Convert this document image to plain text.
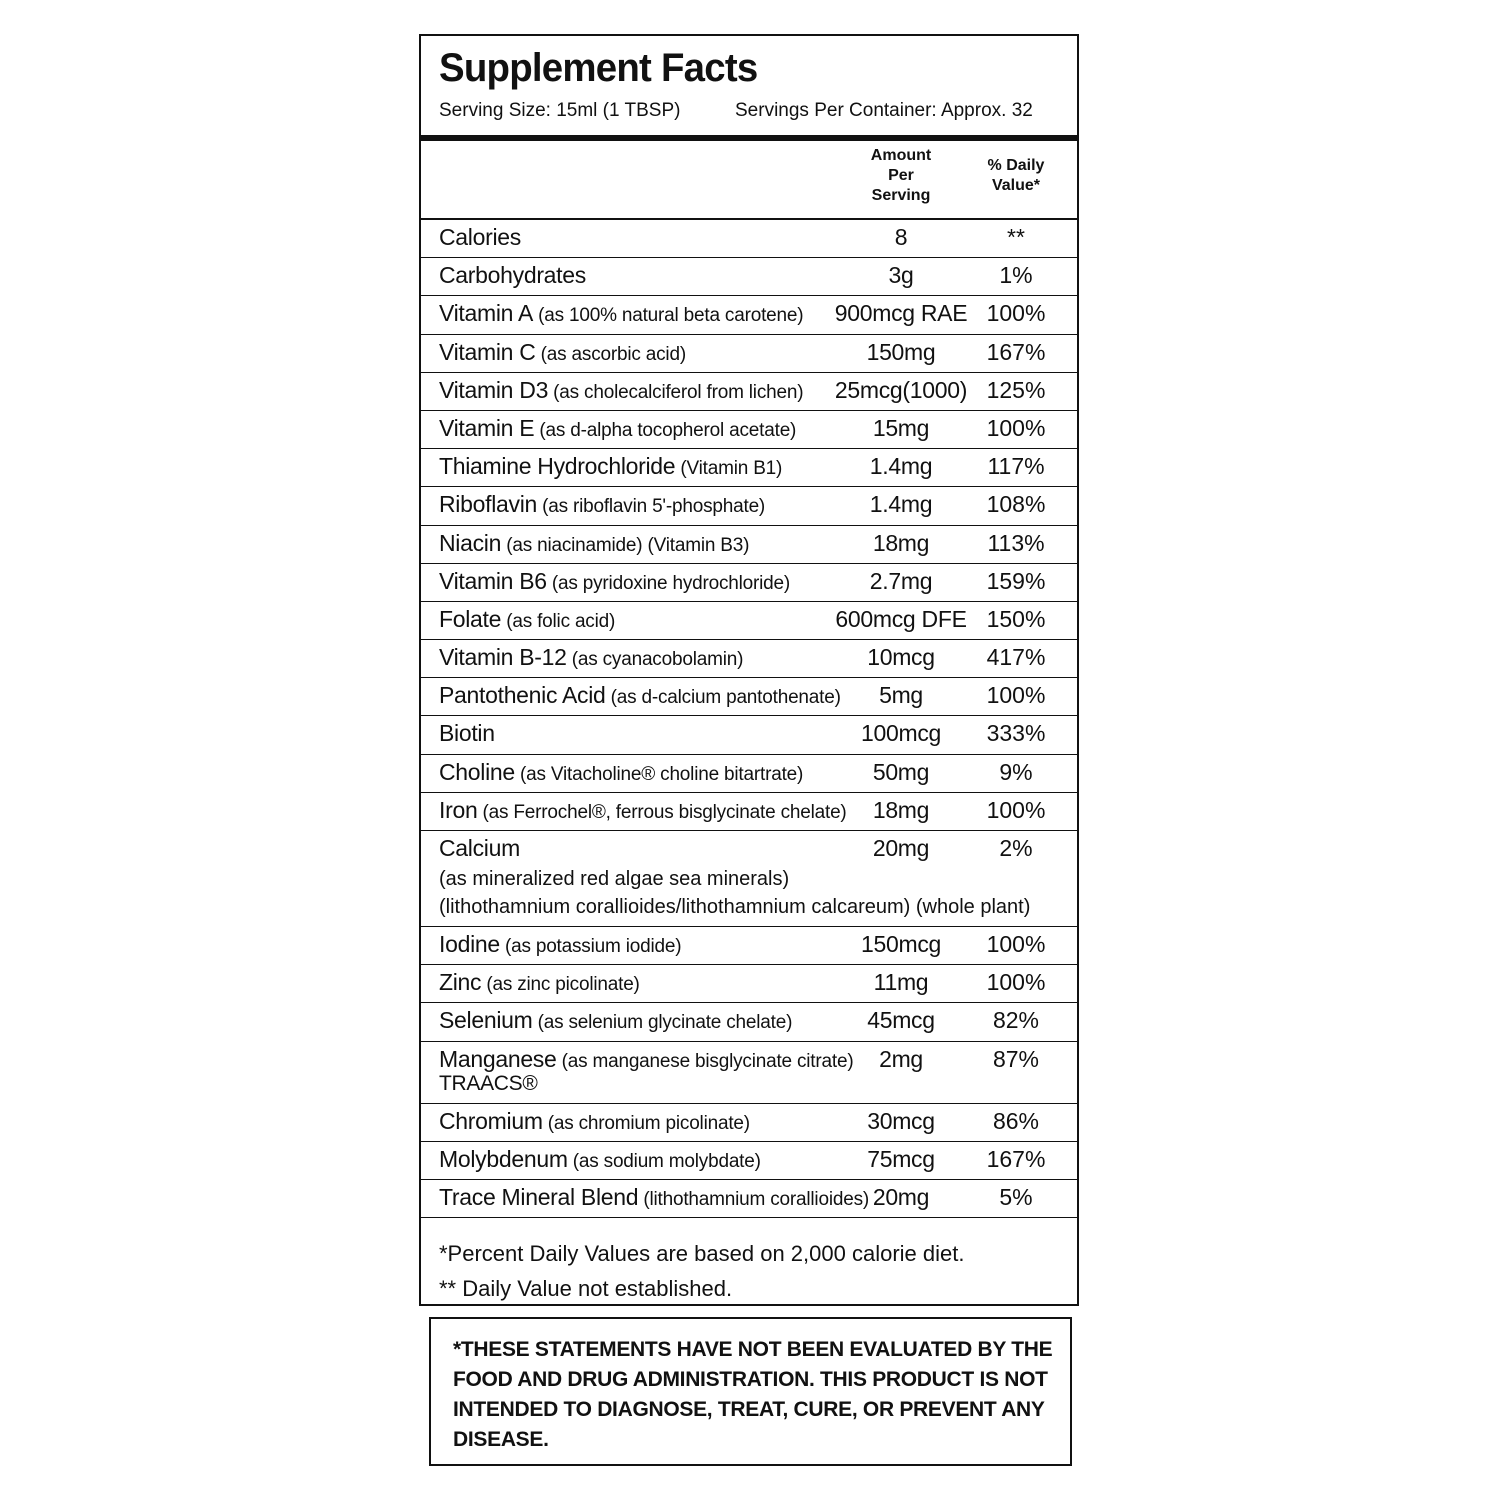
Supplement Facts
Serving Size: 15ml (1 TBSP)	Servings Per Container: Approx. 32
Amount
Per
Serving
% Daily
Value*
Calories	8	**
Carbohydrates	3g	1%
Vitamin A (as 100% natural beta carotene) 900mcg RAE 100%
Vitamin C (as ascorbic acid)	150mg	167%
Vitamin D3 (as cholecalciferol from lichen) 25mcg(1000) 125%
Vitamin E (as d-alpha tocopherol acetate)	15mg	100%
Thiamine Hydrochloride (Vitamin B1)	1.4mg	117%
Riboflavin (as riboflavin 5'-phosphate)	1.4mg	108%
Niacin (as niacinamide) (Vitamin B3)	18mg	113%
Vitamin B6 (as pyridoxine hydrochloride)	2.7mg	159%
Folate (as folic acid)	600mcg DFE 150%
Vitamin B-12 (as cyanacobolamin)	10mcg	417%
Pantothenic Acid (as d-calcium pantothenate)	5mg	100%
Biotin	100mcg	333%
Choline (as Vitacholine® choline bitartrate)	50mg	9%
Iron (as Ferrochel®, ferrous bisglycinate chelate)	18mg	100%
Calcium
(as mineralized red algae sea minerals)
(lithothamnium corallioides/lithothamnium calcareum) (whole plant)
20mg	2%
Iodine (as potassium iodide)	150mcg	100%
Zinc (as zinc picolinate)	11mg	100%
Selenium (as selenium glycinate chelate)	45mcg	82%
Manganese (as manganese bisglycinate citrate)
TRAACS®
2mg	87%
Chromium (as chromium picolinate)	30mcg	86%
Molybdenum (as sodium molybdate)	75mcg	167%
Trace Mineral Blend (lithothamnium corallioides) 20mg	5%
*Percent Daily Values are based on 2,000 calorie diet.
** Daily Value not established.

*THESE STATEMENTS HAVE NOT BEEN EVALUATED BY THE FOOD AND DRUG ADMINISTRATION. THIS PRODUCT IS NOT INTENDED TO DIAGNOSE, TREAT, CURE, OR PREVENT ANY DISEASE.
